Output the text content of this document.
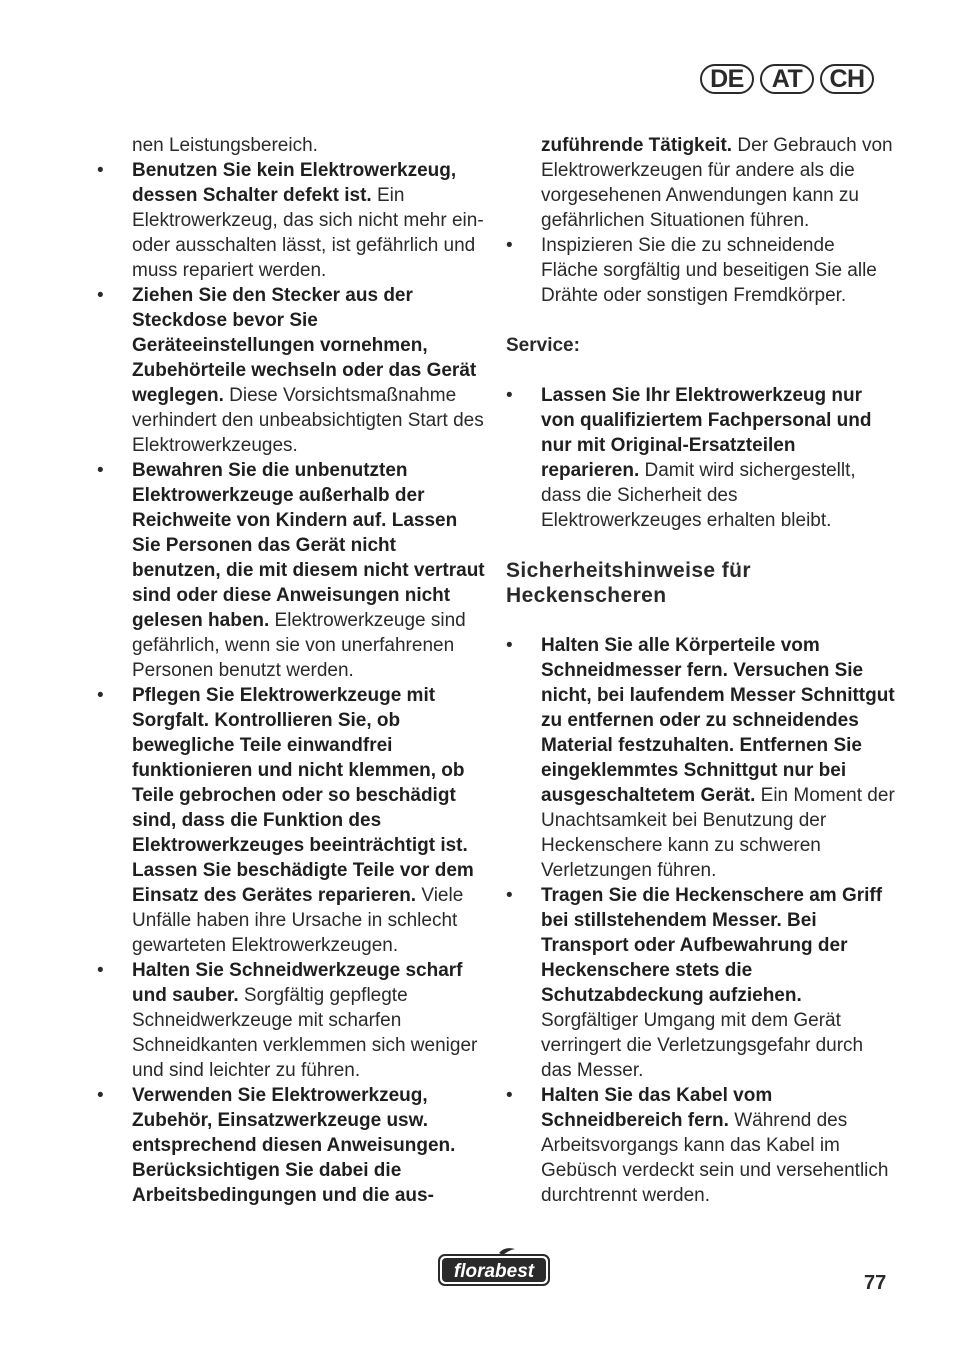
DE	AT	CH

nen Leistungsbereich.

• Benutzen Sie kein Elektrowerkzeug, dessen Schalter defekt ist. Ein Elektrowerkzeug, das sich nicht mehr ein- oder ausschalten lässt, ist gefährlich und muss repariert werden.
• Ziehen Sie den Stecker aus der Steckdose bevor Sie Geräteeinstellungen vornehmen, Zubehörteile wechseln oder das Gerät weglegen. Diese Vorsichtsmaßnahme verhindert den unbeabsichtigten Start des Elektrowerkzeuges.
• Bewahren Sie die unbenutzten Elektrowerkzeuge außerhalb der Reichweite von Kindern auf. Lassen Sie Personen das Gerät nicht benutzen, die mit diesem nicht vertraut sind oder diese Anweisungen nicht gelesen haben. Elektrowerkzeuge sind gefährlich, wenn sie von unerfahrenen Personen benutzt werden.
• Pflegen Sie Elektrowerkzeuge mit Sorgfalt. Kontrollieren Sie, ob bewegliche Teile einwandfrei funktionieren und nicht klemmen, ob Teile gebrochen oder so beschädigt sind, dass die Funktion des Elektrowerkzeuges beeinträchtigt ist. Lassen Sie beschädigte Teile vor dem Einsatz des Gerätes reparieren. Viele Unfälle haben ihre Ursache in schlecht gewarteten Elektrowerkzeugen.
• Halten Sie Schneidwerkzeuge scharf und sauber. Sorgfältig gepflegte Schneidwerkzeuge mit scharfen Schneidkanten verklemmen sich weniger und sind leichter zu führen.
• Verwenden Sie Elektrowerkzeug, Zubehör, Einsatzwerkzeuge usw. entsprechend diesen Anweisungen. Berücksichtigen Sie dabei die Arbeitsbedingungen und die aus-

zuführende Tätigkeit. Der Gebrauch von Elektrowerkzeugen für andere als die vorgesehenen Anwendungen kann zu gefährlichen Situationen führen.

• Inspizieren Sie die zu schneidende Fläche sorgfältig und beseitigen Sie alle Drähte oder sonstigen Fremdkörper.
Service:
• Lassen Sie Ihr Elektrowerkzeug nur von qualifiziertem Fachpersonal und nur mit Original-Ersatzteilen reparieren. Damit wird sichergestellt, dass die Sicherheit des Elektrowerkzeuges erhalten bleibt.
Sicherheitshinweise für Heckenscheren
• Halten Sie alle Körperteile vom Schneidmesser fern. Versuchen Sie nicht, bei laufendem Messer Schnittgut zu entfernen oder zu schneidendes Material festzuhalten. Entfernen Sie eingeklemmtes Schnittgut nur bei ausgeschaltetem Gerät. Ein Moment der Unachtsamkeit bei Benutzung der Heckenschere kann zu schweren Verletzungen führen.
• Tragen Sie die Heckenschere am Griff bei stillstehendem Messer. Bei Transport oder Aufbewahrung der Heckenschere stets die Schutzabdeckung aufziehen. Sorgfältiger Umgang mit dem Gerät verringert die Verletzungsgefahr durch das Messer.
• Halten Sie das Kabel vom Schneidbereich fern. Während des Arbeitsvorgangs kann das Kabel im Gebüsch verdeckt sein und versehentlich durchtrennt werden.
florabest
77
